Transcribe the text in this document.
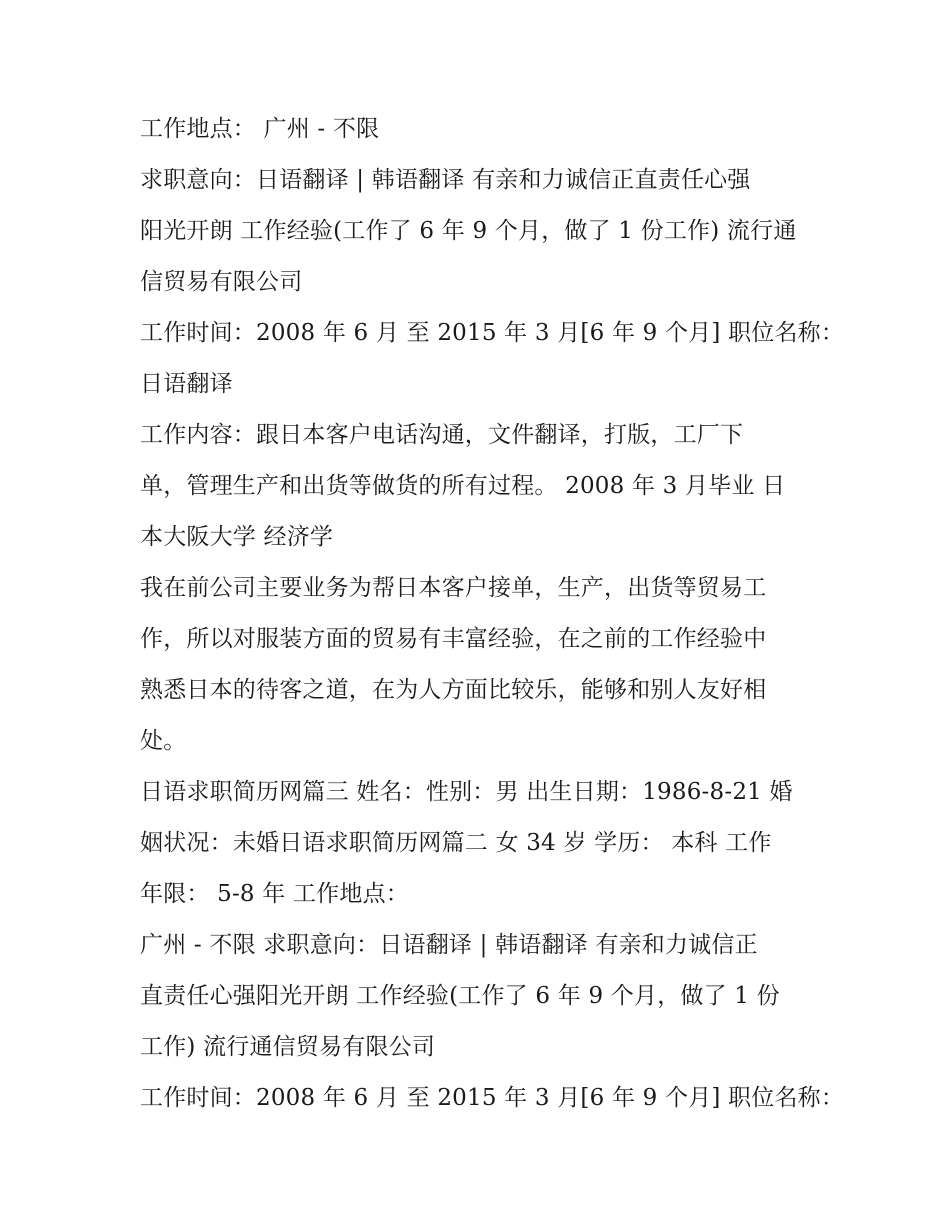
工作地点： 广州 - 不限
求职意向：日语翻译 | 韩语翻译 有亲和力诚信正直责任心强
阳光开朗 工作经验(工作了 6 年 9 个月，做了 1 份工作) 流行通
信贸易有限公司
工作时间：2008 年 6 月 至 2015 年 3 月[6 年 9 个月] 职位名称：
日语翻译
工作内容：跟日本客户电话沟通，文件翻译，打版，工厂下
单，管理生产和出货等做货的所有过程。 2008 年 3 月毕业 日
本大阪大学 经济学
我在前公司主要业务为帮日本客户接单，生产，出货等贸易工
作，所以对服装方面的贸易有丰富经验，在之前的工作经验中
熟悉日本的待客之道，在为人方面比较乐，能够和别人友好相
处。
日语求职简历网篇三 姓名：性别：男 出生日期：1986-8-21 婚
姻状况：未婚日语求职简历网篇二 女 34 岁 学历： 本科 工作
年限： 5-8 年 工作地点：
广州 - 不限 求职意向：日语翻译 | 韩语翻译 有亲和力诚信正
直责任心强阳光开朗 工作经验(工作了 6 年 9 个月，做了 1 份
工作) 流行通信贸易有限公司
工作时间：2008 年 6 月 至 2015 年 3 月[6 年 9 个月] 职位名称：
